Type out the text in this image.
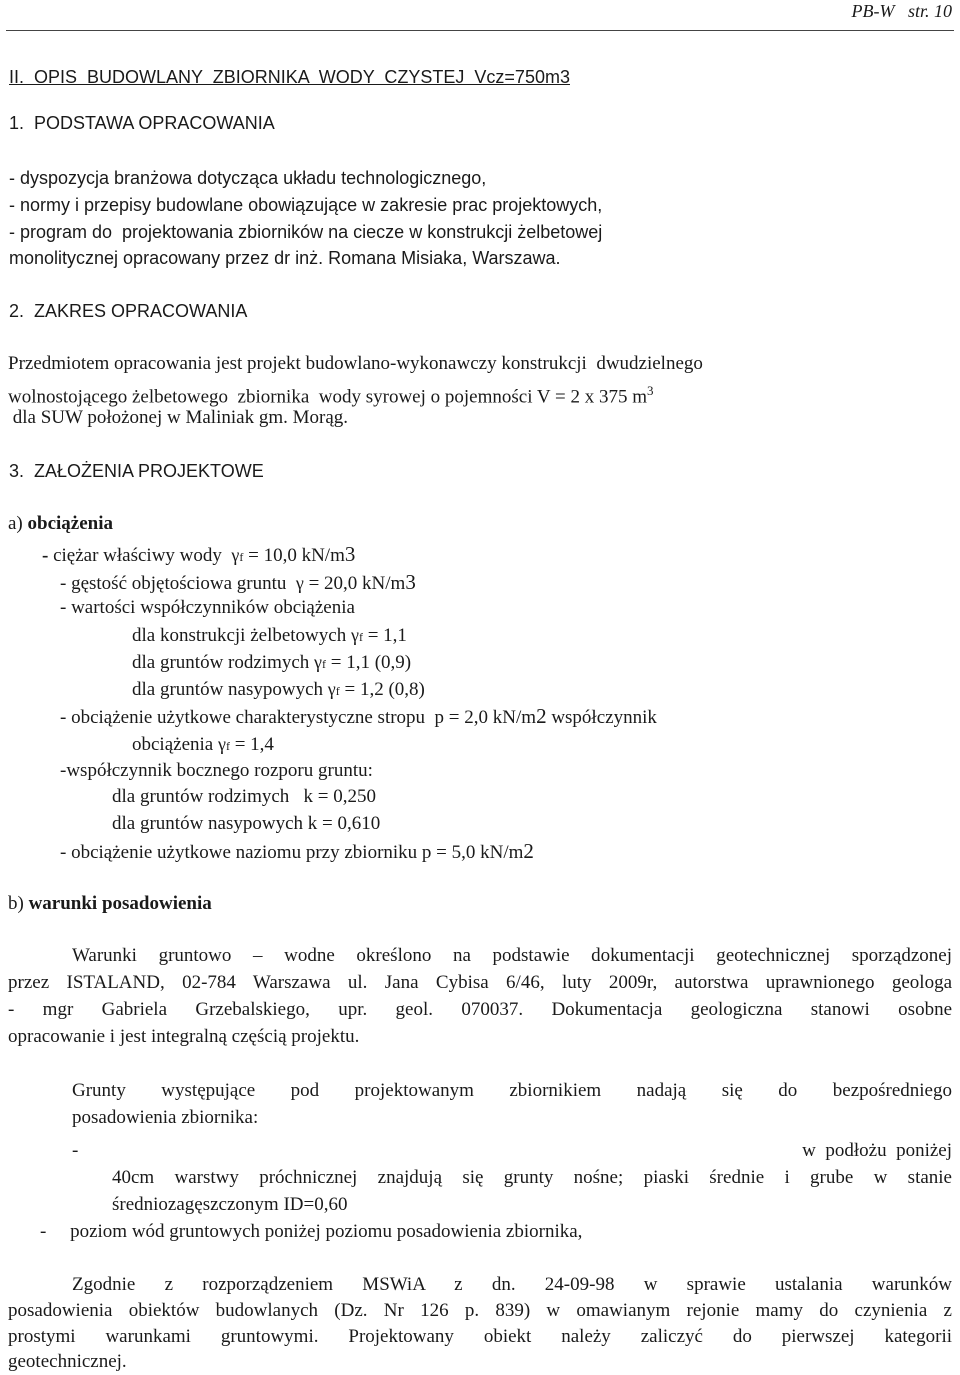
PB-W   str. 10
II.  OPIS  BUDOWLANY  ZBIORNIKA  WODY  CZYSTEJ  Vcz=750m3
1.  PODSTAWA OPRACOWANIA
- dyspozycja branżowa dotycząca układu technologicznego,
- normy i przepisy budowlane obowiązujące w zakresie prac projektowych,
- program do  projektowania zbiorników na ciecze w konstrukcji żelbetowej
monolitycznej opracowany przez dr inż. Romana Misiaka, Warszawa.
2.  ZAKRES OPRACOWANIA
Przedmiotem opracowania jest projekt budowlano-wykonawczy konstrukcji  dwudzielnego
wolnostojącego żelbetowego  zbiornika  wody syrowej o pojemności V = 2 x 375 $m^3$
dla SUW położonej w Maliniak gm. Morąg.
3.  ZAŁOŻENIA PROJEKTOWE
a) obciążenia
- ciężar właściwy wody  γf = 10,0 kN/m3
- gęstość objętościowa gruntu  γ = 20,0 kN/m3
- wartości współczynników obciążenia
dla konstrukcji żelbetowych γf = 1,1
dla gruntów rodzimych γf = 1,1 (0,9)
dla gruntów nasypowych γf = 1,2 (0,8)
- obciążenie użytkowe charakterystyczne stropu  p = 2,0 kN/m2 współczynnik
obciążenia γf = 1,4
-współczynnik bocznego rozporu gruntu:
dla gruntów rodzimych   k = 0,250
dla gruntów nasypowych k = 0,610
- obciążenie użytkowe naziomu przy zbiorniku p = 5,0 kN/m2
b) warunki posadowienia
Warunki gruntowo – wodne określono na podstawie dokumentacji geotechnicznej sporządzonej
przez ISTALAND, 02-784 Warszawa ul. Jana Cybisa 6/46, luty 2009r, autorstwa uprawnionego geologa
- mgr Gabriela Grzebalskiego, upr. geol. 070037. Dokumentacja geologiczna stanowi osobne
opracowanie i jest integralną częścią projektu.
Grunty występujące pod projektowanym zbiornikiem nadają się do bezpośredniego
posadowienia zbiornika:
-	w  podłożu  poniżej
40cm warstwy próchnicznej znajdują się grunty nośne; piaski średnie i grube w stanie
średniozagęszczonym ID=0,60
-     poziom wód gruntowych poniżej poziomu posadowienia zbiornika,
Zgodnie z rozporządzeniem MSWiA z dn. 24-09-98 w sprawie ustalania warunków
posadowienia obiektów budowlanych (Dz. Nr 126 p. 839) w omawianym rejonie mamy do czynienia z
prostymi warunkami gruntowymi. Projektowany obiekt należy zaliczyć do pierwszej kategorii
geotechnicznej.
